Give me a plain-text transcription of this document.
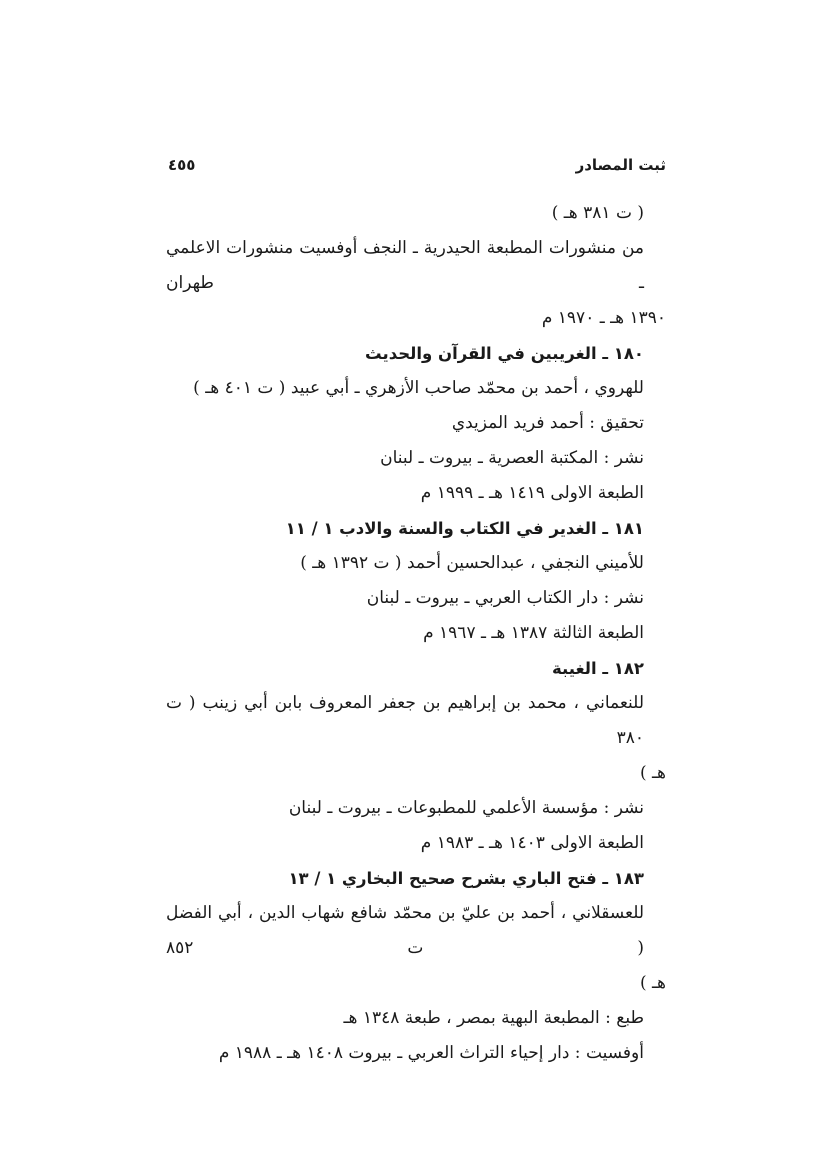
ثبت المصادر
٤٥٥
( ت ٣٨١ هـ )
من منشورات المطبعة الحيدرية ـ النجف أوفسيت منشورات الاعلمي ـ طهران
١٣٩٠ هـ ـ ١٩٧٠ م
١٨٠ ـ الغريبين في القرآن والحديث
للهروي ، أحمد بن محمّد صاحب الأزهري ـ أبي عبيد ( ت ٤٠١ هـ )
تحقيق : أحمد فريد المزيدي
نشر : المكتبة العصرية ـ بيروت ـ لبنان
الطبعة الاولى ١٤١٩ هـ ـ ١٩٩٩ م
١٨١ ـ الغدير في الكتاب والسنة والادب ١ / ١١
للأميني النجفي ، عبدالحسين أحمد ( ت ١٣٩٢ هـ )
نشر : دار الكتاب العربي ـ بيروت ـ لبنان
الطبعة الثالثة ١٣٨٧ هـ ـ ١٩٦٧ م
١٨٢ ـ الغيبة
للنعماني ، محمد بن إبراهيم بن جعفر المعروف بابن أبي زينب ( ت ٣٨٠
هـ )
نشر : مؤسسة الأعلمي للمطبوعات ـ بيروت ـ لبنان
الطبعة الاولى ١٤٠٣ هـ ـ ١٩٨٣ م
١٨٣ ـ فتح الباري بشرح صحيح البخاري ١ / ١٣
للعسقلاني ، أحمد بن عليّ بن محمّد شافع شهاب الدين ، أبي الفضل ( ت ٨٥٢
هـ )
طبع : المطبعة البهية بمصر ، طبعة ١٣٤٨ هـ
أوفسيت : دار إحياء التراث العربي ـ بيروت ١٤٠٨ هـ ـ ١٩٨٨ م
